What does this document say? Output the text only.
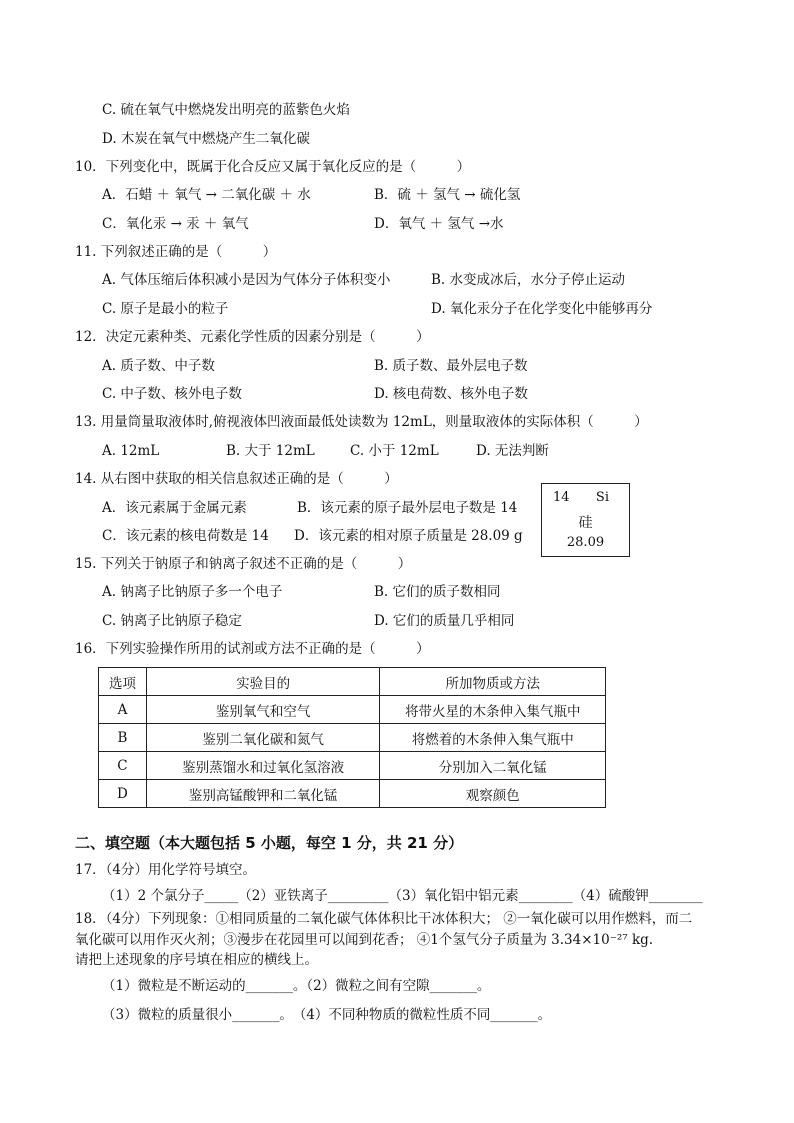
C. 硫在氧气中燃烧发出明亮的蓝紫色火焰
D. 木炭在氧气中燃烧产生二氧化碳
10．下列变化中，既属于化合反应又属于氧化反应的是（　　　）
A．石蜡 ＋ 氧气 → 二氧化碳 ＋ 水	B．硫 ＋ 氢气 → 硫化氢
C．氧化汞 → 汞 ＋ 氧气	D．氧气 ＋ 氢气 →水
11. 下列叙述正确的是（　　　）
A. 气体压缩后体积减小是因为气体分子体积变小	B. 水变成冰后，水分子停止运动
C. 原子是最小的粒子	D. 氧化汞分子在化学变化中能够再分
12．决定元素种类、元素化学性质的因素分别是（　　　）
A. 质子数、中子数	B. 质子数、最外层电子数
C. 中子数、核外电子数	D. 核电荷数、核外电子数
13. 用量筒量取液体时,俯视液体凹液面最低处读数为 12mL，则量取液体的实际体积（　　　）
A. 12mL	B. 大于 12mL	C. 小于 12mL	D. 无法判断
14. 从右图中获取的相关信息叙述正确的是（　　　）
A．该元素属于金属元素	B．该元素的原子最外层电子数是 14
C．该元素的核电荷数是 14 D．该元素的相对原子质量是 28.09 g
15. 下列关于钠原子和钠离子叙述不正确的是（　　　）
A. 钠离子比钠原子多一个电子	B. 它们的质子数相同
C. 钠离子比钠原子稳定	D. 它们的质量几乎相同
16．下列实验操作所用的试剂或方法不正确的是（　　　）
17．（4分）用化学符号填空。
（1）2 个氯分子_____（2）亚铁离子_________（3）氧化铝中铝元素________（4）硫酸钾________
18．（4分）下列现象：①相同质量的二氧化碳气体体积比干冰体积大； ②一氧化碳可以用作燃料，而二
氧化碳可以用作灭火剂；③漫步在花园里可以闻到花香； ④1个氢气分子质量为 3.34×10⁻²⁷ kg.
请把上述现象的序号填在相应的横线上。
（1）微粒是不断运动的_______。（2）微粒之间有空隙_______。
（3）微粒的质量很小_______。　（4）不同种物质的微粒性质不同_______。
14 Si
硅
28.09
选项	实验目的	所加物质或方法
A	鉴别氧气和空气	将带火星的木条伸入集气瓶中
B	鉴别二氧化碳和氮气	将燃着的木条伸入集气瓶中
C	鉴别蒸馏水和过氧化氢溶液	分别加入二氧化锰
D	鉴别高锰酸钾和二氧化锰	观察颜色
二、填空题（本大题包括 5 小题，每空 1 分，共 21 分）
